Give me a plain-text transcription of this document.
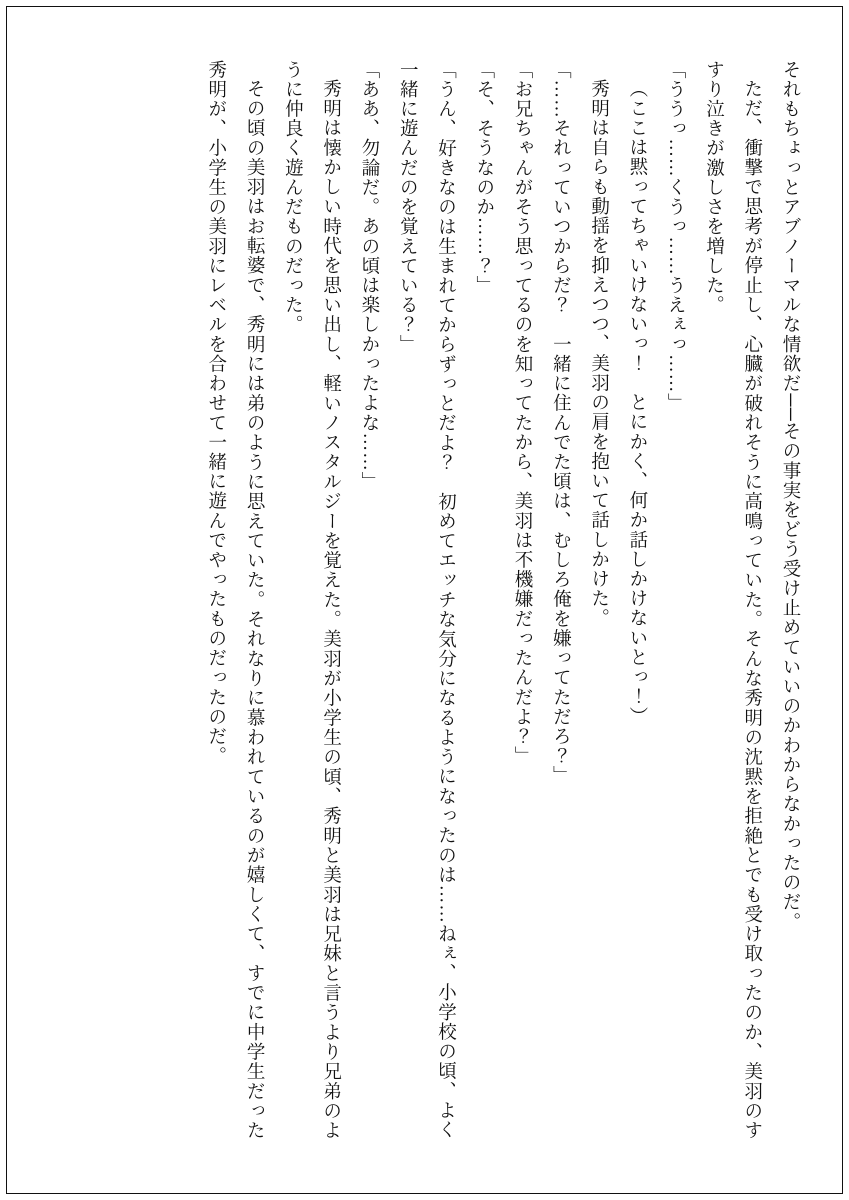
それもちょっとアブノーマルな情欲だ──その事実をどう受け止めていいのかわからなかったのだ。

ただ、衝撃で思考が停止し、心臓が破れそうに高鳴っていた。そんな秀明の沈黙を拒絶とでも受け取ったのか、美羽のすすり泣きが激しさを増した。

「ううっ……くうっ……うえぇっ……」

（ここは黙ってちゃいけないっ！　とにかく、何か話しかけないとっ！）

秀明は自らも動揺を抑えつつ、美羽の肩を抱いて話しかけた。

「……それっていつからだ？　一緒に住んでた頃は、むしろ俺を嫌ってただろ？」

「お兄ちゃんがそう思ってるのを知ってたから、美羽は不機嫌だったんだよ？」

「そ、そうなのか……？」

「うん、好きなのは生まれてからずっとだよ？　初めてエッチな気分になるようになったのは……ねぇ、小学校の頃、よく一緒に遊んだのを覚えている？」

「ああ、勿論だ。あの頃は楽しかったよな……」

秀明は懐かしい時代を思い出し、軽いノスタルジーを覚えた。美羽が小学生の頃、秀明と美羽は兄妹と言うより兄弟のように仲良く遊んだものだった。

その頃の美羽はお転婆で、秀明には弟のように思えていた。それなりに慕われているのが嬉しくて、すでに中学生だった秀明が、小学生の美羽にレベルを合わせて一緒に遊んでやったものだったのだ。
